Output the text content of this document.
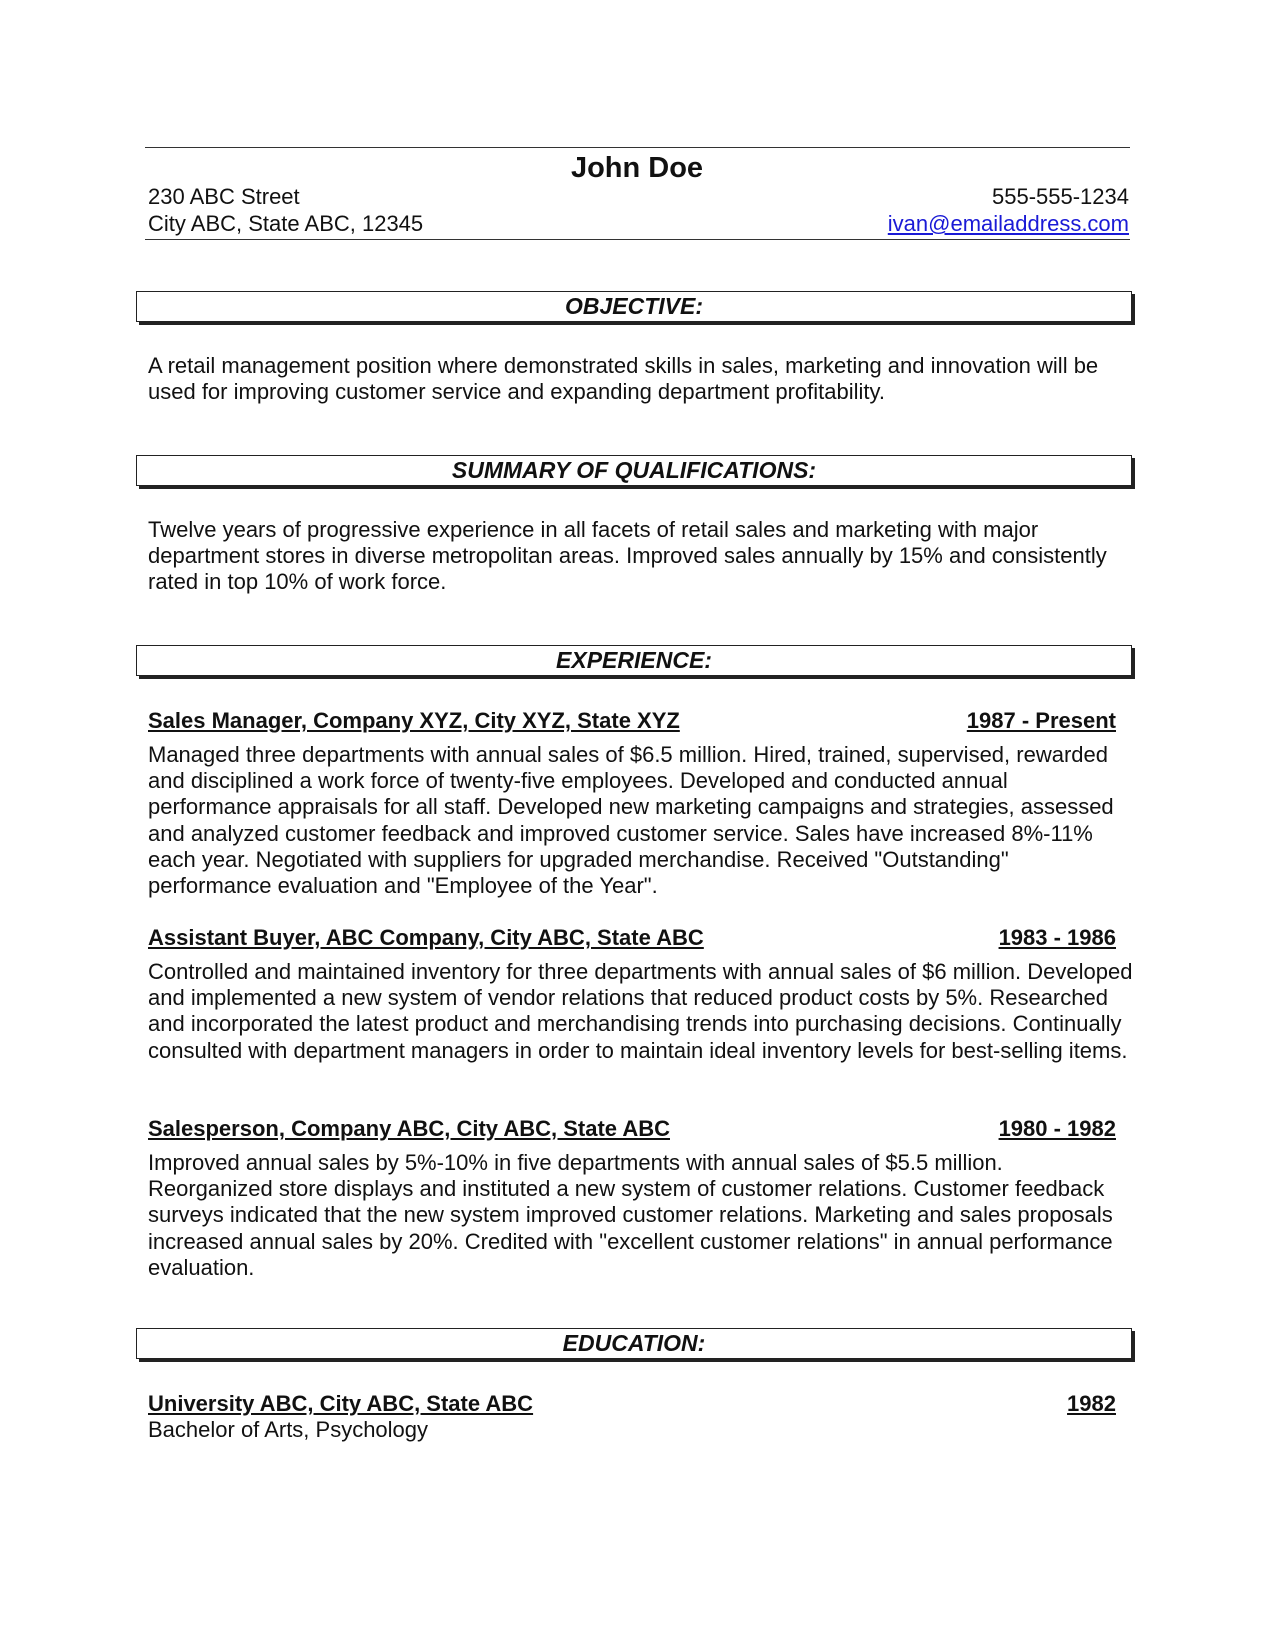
John Doe
230 ABC Street
City ABC, State ABC, 12345
555-555-1234
ivan@emailaddress.com
OBJECTIVE:

A retail management position where demonstrated skills in sales, marketing and innovation will be used for improving customer service and expanding department profitability.

SUMMARY OF QUALIFICATIONS:

Twelve years of progressive experience in all facets of retail sales and marketing with major department stores in diverse metropolitan areas. Improved sales annually by 15% and consistently rated in top 10% of work force.

EXPERIENCE:
Sales Manager, Company XYZ, City XYZ, State XYZ	1987 - Present

Managed three departments with annual sales of $6.5 million. Hired, trained, supervised, rewarded and disciplined a work force of twenty-five employees. Developed and conducted annual performance appraisals for all staff. Developed new marketing campaigns and strategies, assessed and analyzed customer feedback and improved customer service. Sales have increased 8%-11% each year. Negotiated with suppliers for upgraded merchandise. Received "Outstanding" performance evaluation and "Employee of the Year".

Assistant Buyer, ABC Company, City ABC, State ABC	1983 - 1986

Controlled and maintained inventory for three departments with annual sales of $6 million. Developed and implemented a new system of vendor relations that reduced product costs by 5%. Researched and incorporated the latest product and merchandising trends into purchasing decisions. Continually consulted with department managers in order to maintain ideal inventory levels for best-selling items.

Salesperson, Company ABC, City ABC, State ABC	1980 - 1982

Improved annual sales by 5%-10% in five departments with annual sales of $5.5 million. Reorganized store displays and instituted a new system of customer relations. Customer feedback surveys indicated that the new system improved customer relations. Marketing and sales proposals increased annual sales by 20%. Credited with "excellent customer relations" in annual performance evaluation.

EDUCATION:
University ABC, City ABC, State ABC	1982
Bachelor of Arts, Psychology
